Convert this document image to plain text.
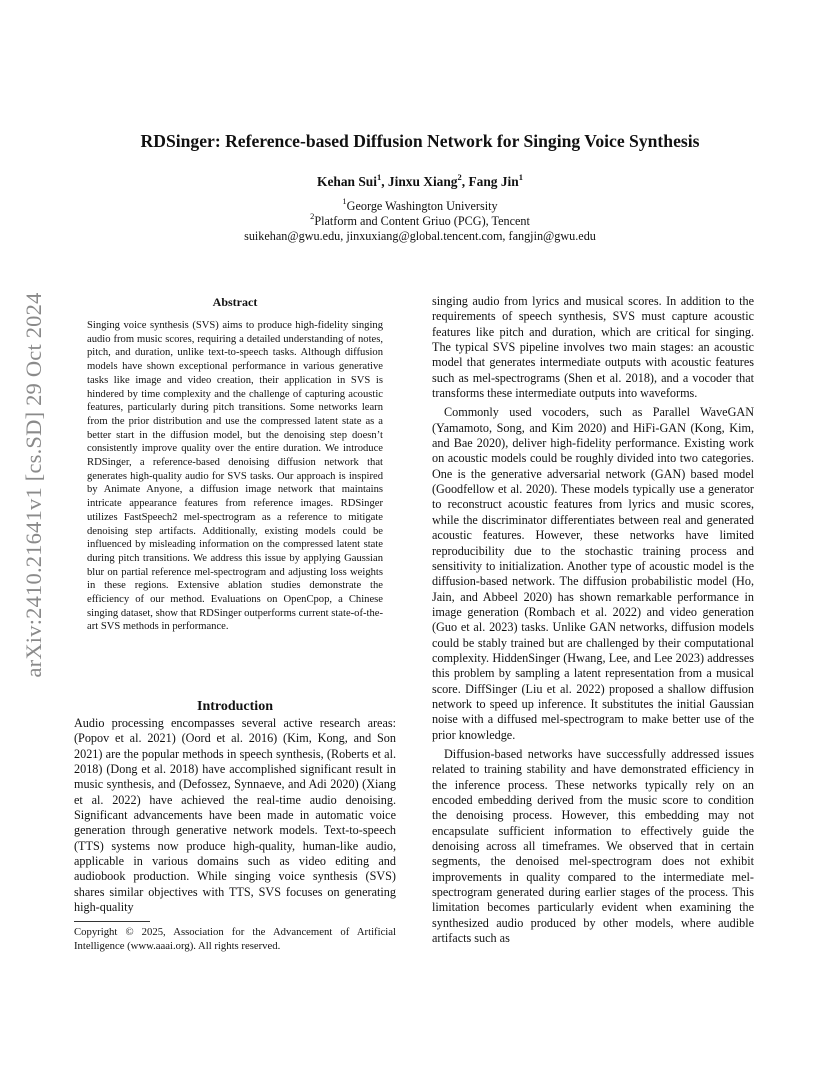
arXiv:2410.21641v1 [cs.SD] 29 Oct 2024
RDSinger: Reference-based Diffusion Network for Singing Voice Synthesis
Kehan Sui$^1$, Jinxu Xiang$^2$, Fang Jin$^1$
$^1$George Washington University
$^2$Platform and Content Griuo (PCG), Tencent
suikehan@gwu.edu, jinxuxiang@global.tencent.com, fangjin@gwu.edu
Abstract

Singing voice synthesis (SVS) aims to produce high-fidelity singing audio from music scores, requiring a detailed understanding of notes, pitch, and duration, unlike text-to-speech tasks. Although diffusion models have shown exceptional performance in various generative tasks like image and video creation, their application in SVS is hindered by time complexity and the challenge of capturing acoustic features, particularly during pitch transitions. Some networks learn from the prior distribution and use the compressed latent state as a better start in the diffusion model, but the denoising step doesn’t consistently improve quality over the entire duration. We introduce RDSinger, a reference-based denoising diffusion network that generates high-quality audio for SVS tasks. Our approach is inspired by Animate Anyone, a diffusion image network that maintains intricate appearance features from reference images. RDSinger utilizes FastSpeech2 mel-spectrogram as a reference to mitigate denoising step artifacts. Additionally, existing models could be influenced by misleading information on the compressed latent state during pitch transitions. We address this issue by applying Gaussian blur on partial reference mel-spectrogram and adjusting loss weights in these regions. Extensive ablation studies demonstrate the efficiency of our method. Evaluations on OpenCpop, a Chinese singing dataset, show that RDSinger outperforms current state-of-the-art SVS methods in performance.

Introduction

Audio processing encompasses several active research areas: (Popov et al. 2021) (Oord et al. 2016) (Kim, Kong, and Son 2021) are the popular methods in speech synthesis, (Roberts et al. 2018) (Dong et al. 2018) have accomplished significant result in music synthesis, and (Defossez, Synnaeve, and Adi 2020) (Xiang et al. 2022) have achieved the real-time audio denoising. Significant advancements have been made in automatic voice generation through generative network models. Text-to-speech (TTS) systems now produce high-quality, human-like audio, applicable in various domains such as video editing and audiobook production. While singing voice synthesis (SVS) shares similar objectives with TTS, SVS focuses on generating high-quality

singing audio from lyrics and musical scores. In addition to the requirements of speech synthesis, SVS must capture acoustic features like pitch and duration, which are critical for singing. The typical SVS pipeline involves two main stages: an acoustic model that generates intermediate outputs with acoustic features such as mel-spectrograms (Shen et al. 2018), and a vocoder that transforms these intermediate outputs into waveforms.

Commonly used vocoders, such as Parallel WaveGAN (Yamamoto, Song, and Kim 2020) and HiFi-GAN (Kong, Kim, and Bae 2020), deliver high-fidelity performance. Existing work on acoustic models could be roughly divided into two categories. One is the generative adversarial network (GAN) based model (Goodfellow et al. 2020). These models typically use a generator to reconstruct acoustic features from lyrics and music scores, while the discriminator differentiates between real and generated acoustic features. However, these networks have limited reproducibility due to the stochastic training process and sensitivity to initialization. Another type of acoustic model is the diffusion-based network. The diffusion probabilistic model (Ho, Jain, and Abbeel 2020) has shown remarkable performance in image generation (Rombach et al. 2022) and video generation (Guo et al. 2023) tasks. Unlike GAN networks, diffusion models could be stably trained but are challenged by their computational complexity. HiddenSinger (Hwang, Lee, and Lee 2023) addresses this problem by sampling a latent representation from a musical score. DiffSinger (Liu et al. 2022) proposed a shallow diffusion network to speed up inference. It substitutes the initial Gaussian noise with a diffused mel-spectrogram to make better use of the prior knowledge.

Diffusion-based networks have successfully addressed issues related to training stability and have demonstrated efficiency in the inference process. These networks typically rely on an encoded embedding derived from the music score to condition the denoising process. However, this embedding may not encapsulate sufficient information to effectively guide the denoising across all timeframes. We observed that in certain segments, the denoised mel-spectrogram does not exhibit improvements in quality compared to the intermediate mel-spectrogram generated during earlier stages of the process. This limitation becomes particularly evident when examining the synthesized audio produced by other models, where audible artifacts such as

Copyright © 2025, Association for the Advancement of Artificial Intelligence (www.aaai.org). All rights reserved.
